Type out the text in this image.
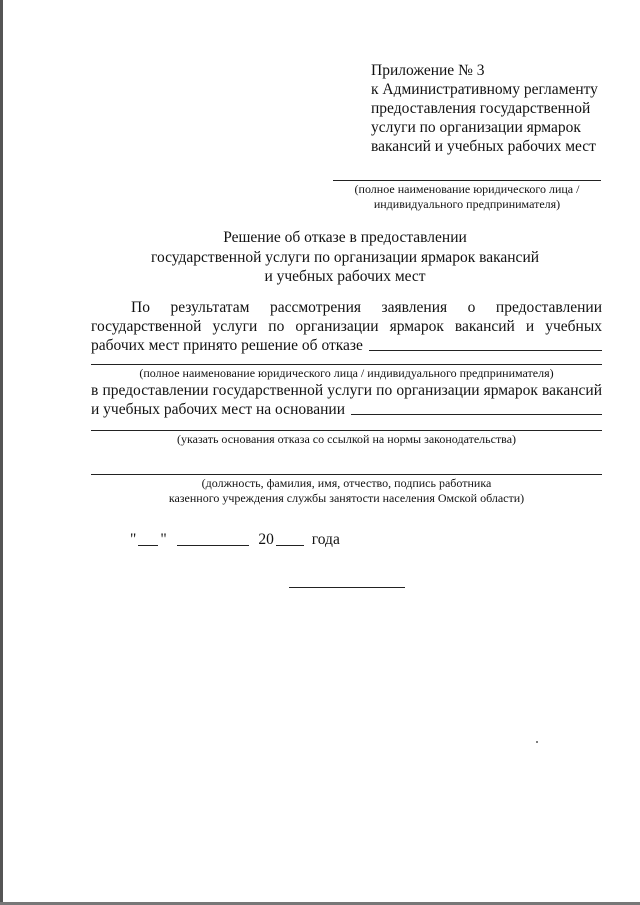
Приложение № 3
к Административному регламенту
предоставления государственной
услуги по организации ярмарок
вакансий и учебных рабочих мест
(полное наименование юридического лица /
индивидуального предпринимателя)
Решение об отказе в предоставлении
государственной услуги по организации ярмарок вакансий
и учебных рабочих мест
По результатам рассмотрения заявления о предоставлении
государственной услуги по организации ярмарок вакансий и учебных
рабочих мест принято решение об отказе
(полное наименование юридического лица / индивидуального предпринимателя)
в предоставлении государственной услуги по организации ярмарок вакансий
и учебных рабочих мест на основании
(указать основания отказа со ссылкой на нормы законодательства)
(должность, фамилия, имя, отчество, подпись работника
казенного учреждения службы занятости населения Омской области)
" "	20 года
